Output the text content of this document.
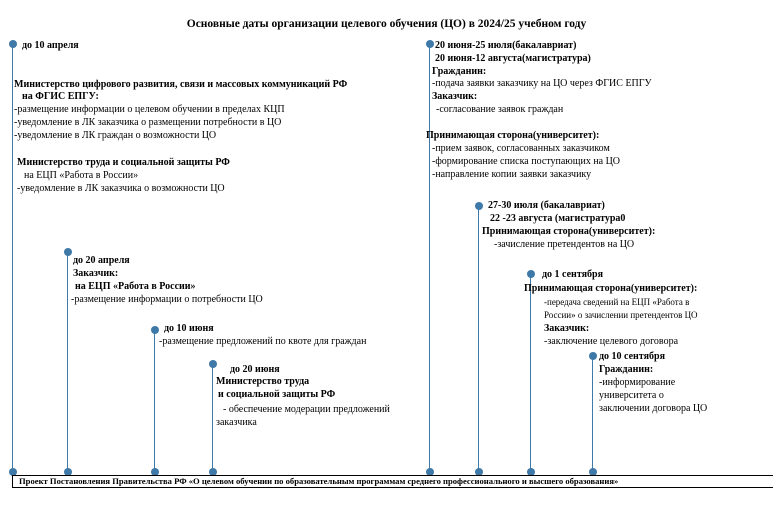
Основные даты организации целевого обучения (ЦО) в 2024/25 учебном году
до 10 апреля
Министерство цифрового развития, связи и массовых коммуникаций РФ
на ФГИС ЕПГУ:
-размещение информации о целевом обучении в пределах КЦП
-уведомление в ЛК заказчика о размещении потребности в ЦО
-уведомление в ЛК граждан о возможности ЦО
Министерство труда и социальной защиты РФ
на ЕЦП «Работа в России»
-уведомление в ЛК заказчика о возможности ЦО
до 20 апреля
Заказчик:
на ЕЦП «Работа в России»
-размещение информации о потребности ЦО
до 10 июня
-размещение предложений по квоте для граждан
до 20 июня
Министерство труда
и социальной защиты РФ
- обеспечение модерации предложений
заказчика
20 июня-25 июля(бакалавриат)
20 июня-12 августа(магистратура)
Гражданин:
-подача заявки заказчику на ЦО через ФГИС ЕПГУ
Заказчик:
-согласование заявок граждан
Принимающая сторона(университет):
-прием заявок, согласованных заказчиком
-формирование списка поступающих на ЦО
-направление копии заявки заказчику
27-30 июля (бакалавриат)
22 -23 августа (магистратура0
Принимающая сторона(университет):
-зачисление претендентов на ЦО
до 1 сентября
Принимающая сторона(университет):
-передача сведений на ЕЦП «Работа в
России» о зачислении претендентов ЦО
Заказчик:
-заключение целевого договора
до 10 сентября
Гражданин:
-информирование
университета о
заключении договора ЦО
Проект Постановления Правительства РФ «О целевом обучении по образовательным программам среднего профессионального и высшего образования»
